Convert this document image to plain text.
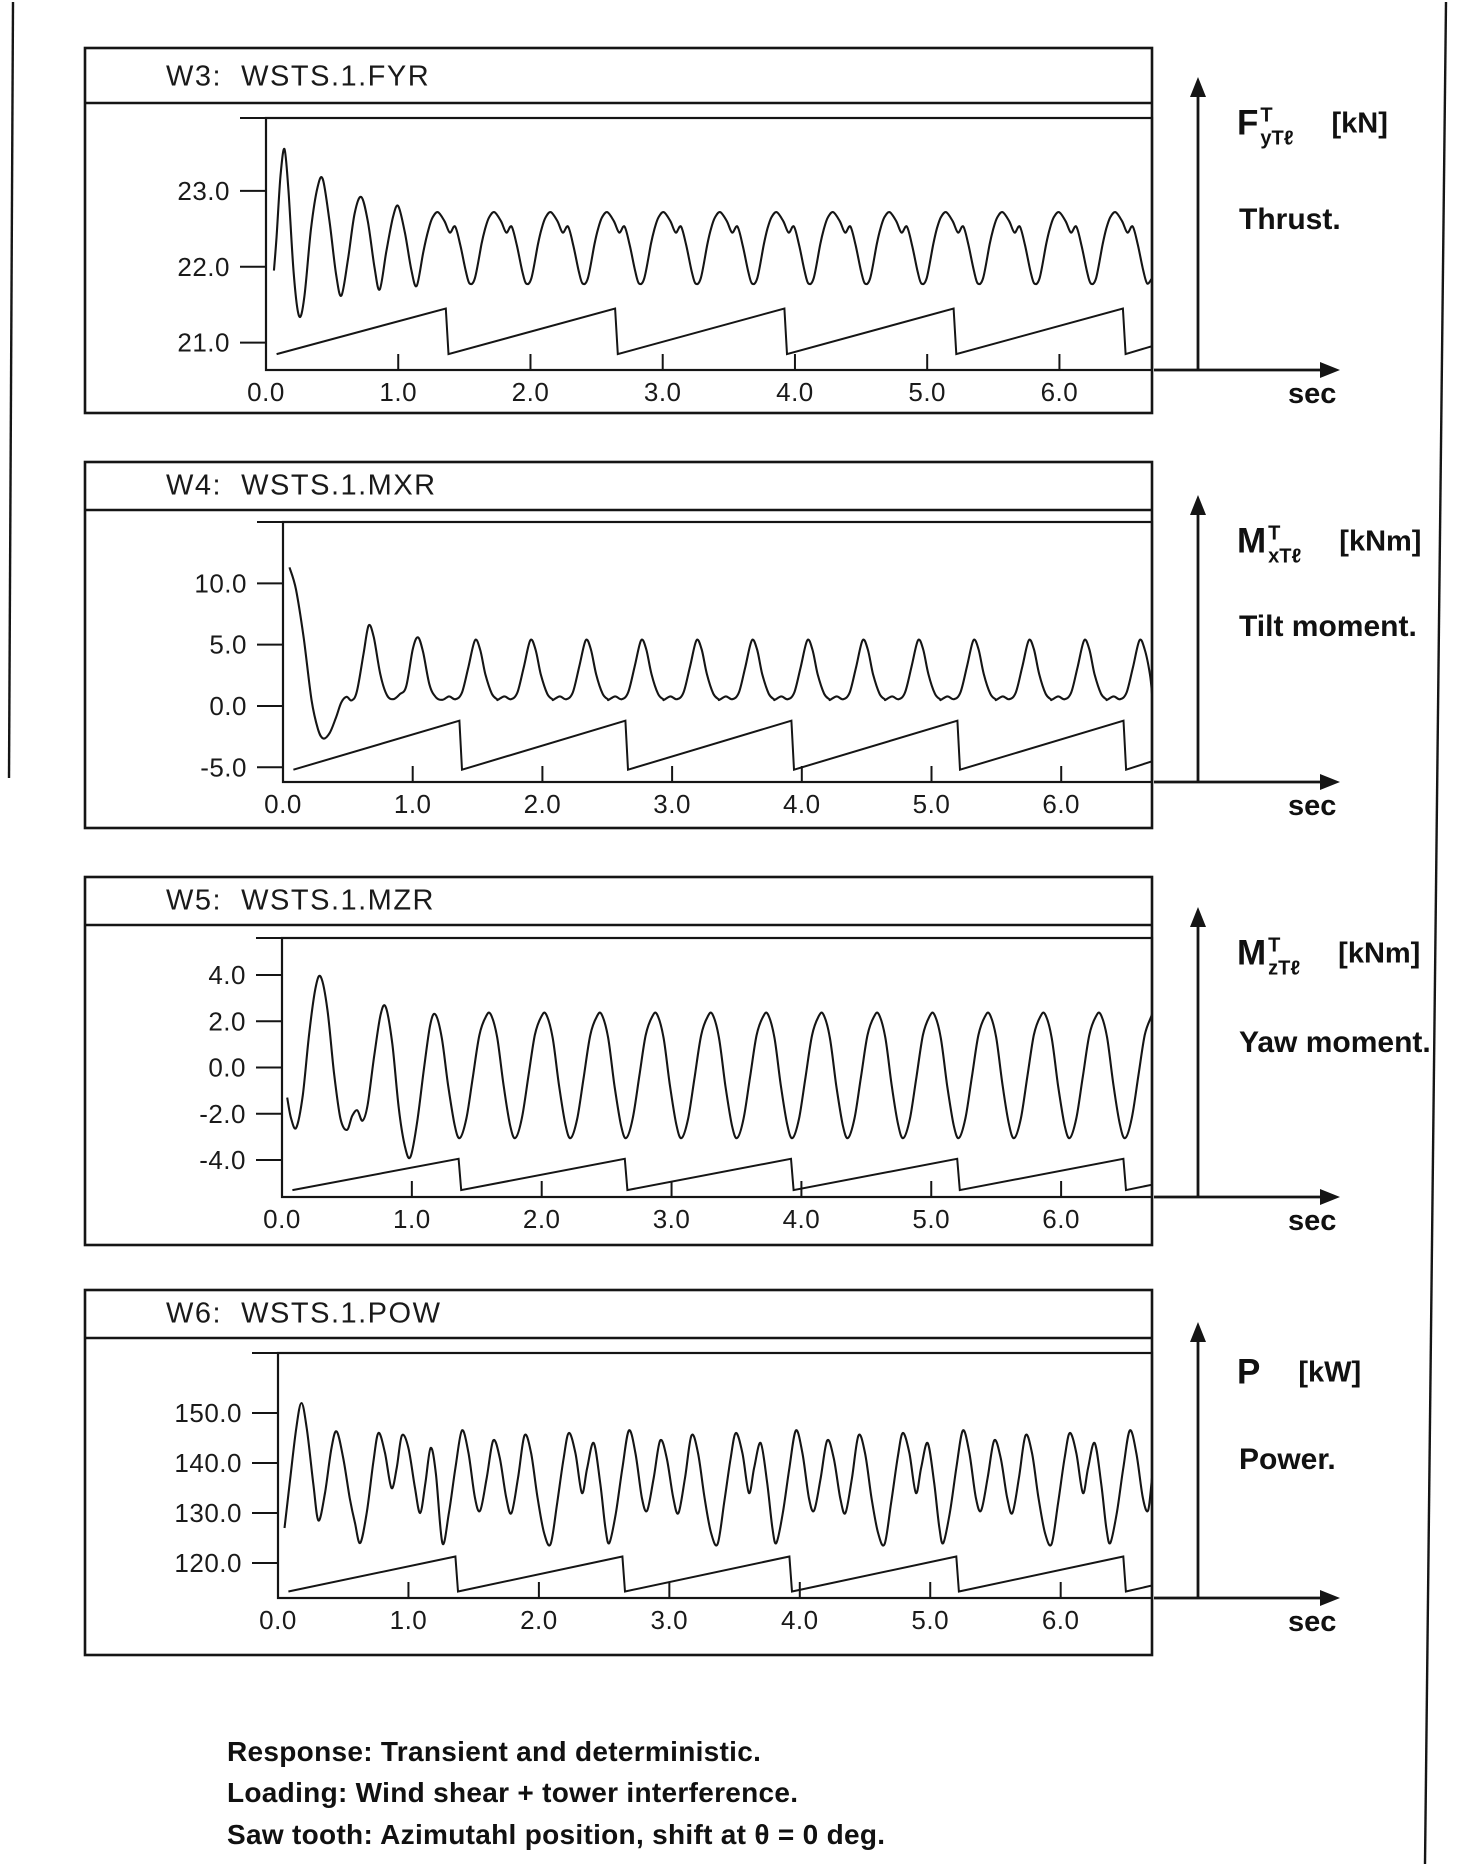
23.0
22.0
21.0
0.0	1.0	2.0	3.0	4.0	5.0	6.0
10.0
5.0
0.0
-5.0
0.0	1.0	2.0	3.0	4.0	5.0	6.0
4.0
2.0
0.0
-2.0
-4.0
0.0	1.0	2.0	3.0	4.0	5.0	6.0
150.0
140.0
130.0
120.0
0.0	1.0	2.0	3.0	4.0	5.0	6.0
W3:  WSTS.1.FYR
W4:  WSTS.1.MXR
W5:  WSTS.1.MZR
W6:  WSTS.1.POW
F T
yTℓ [kN]
Thrust.
M T
xTℓ [kNm]
Tilt moment.
M T
zTℓ [kNm]
Yaw moment.
P [kW]
Power.
sec
sec
sec
sec
Response: Transient and deterministic.
Loading: Wind shear + tower interference.
Saw tooth: Azimutahl position, shift at θ = 0 deg.
